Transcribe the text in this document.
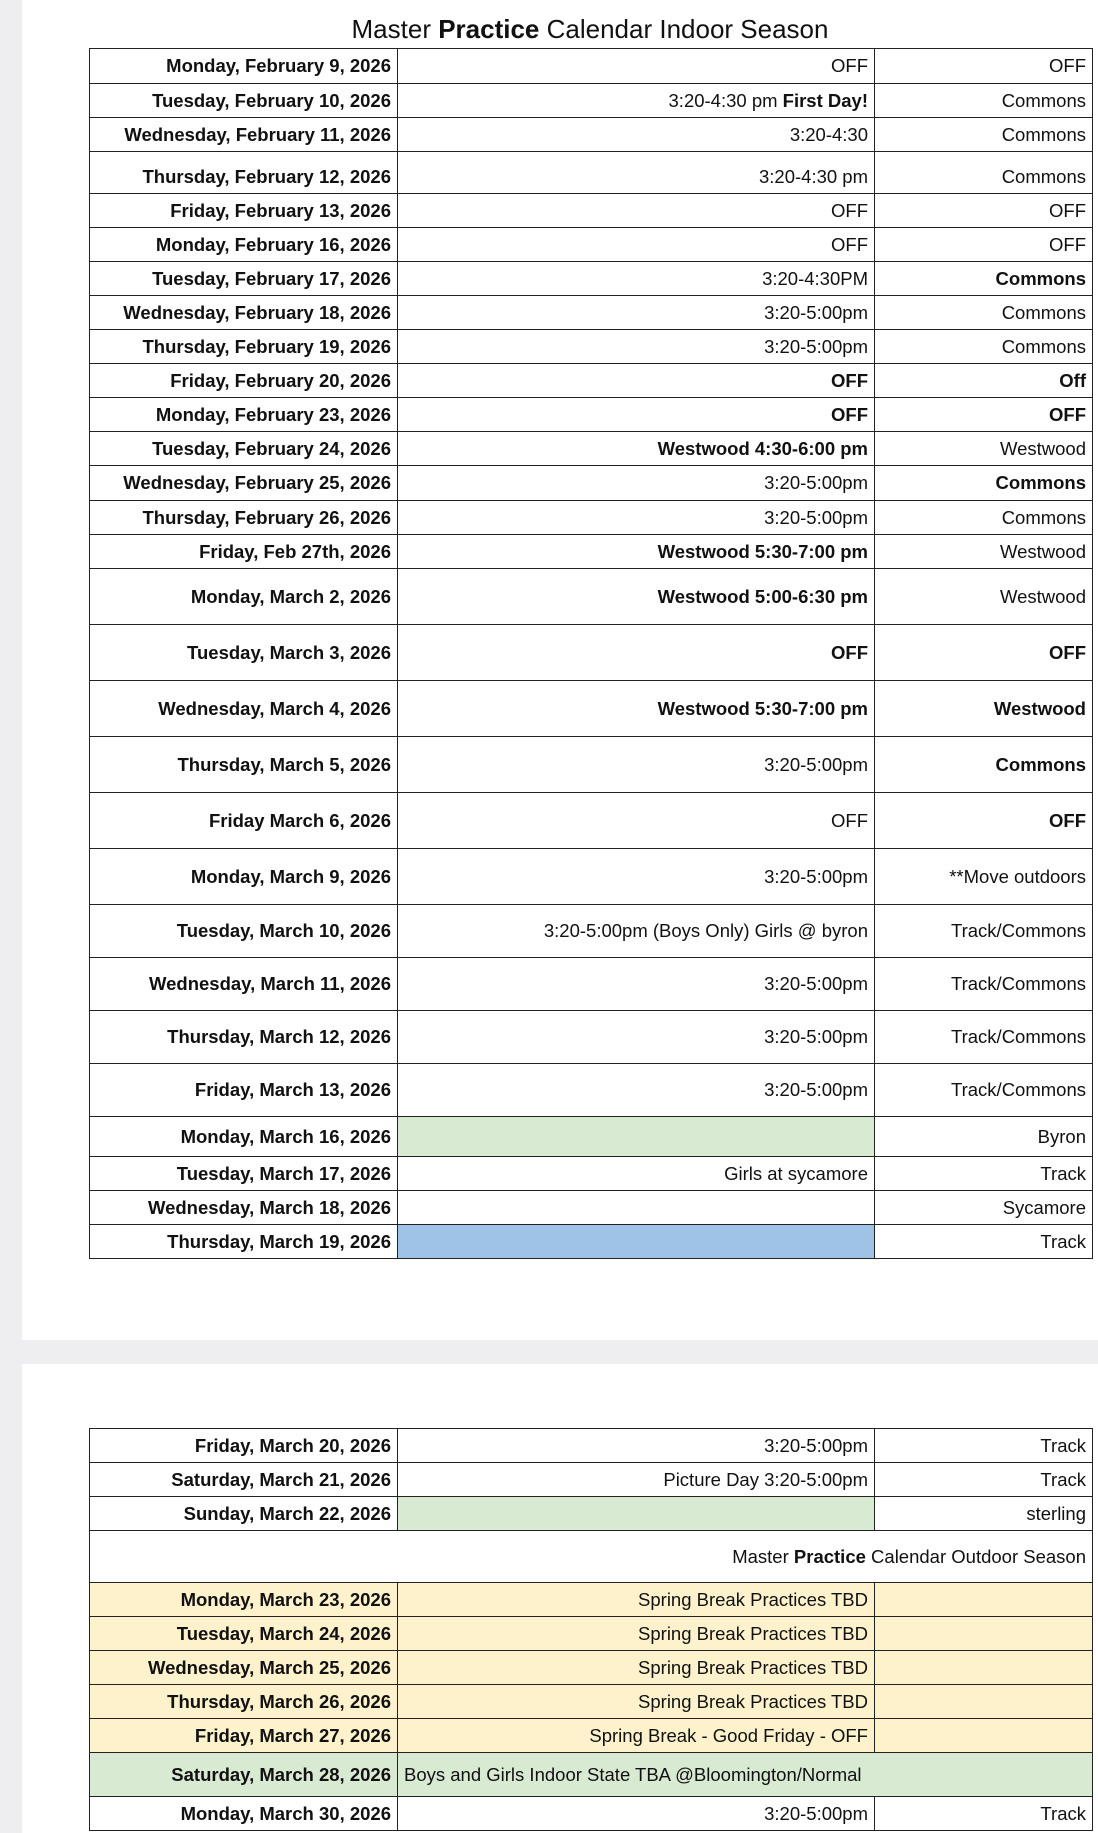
Master Practice Calendar Indoor Season
Monday, February 9, 2026	OFF	OFF
Tuesday, February 10, 2026	3:20-4:30 pm First Day!	Commons
Wednesday, February 11, 2026	3:20-4:30	Commons
Thursday, February 12, 2026	3:20-4:30 pm	Commons
Friday, February 13, 2026	OFF	OFF
Monday, February 16, 2026	OFF	OFF
Tuesday, February 17, 2026	3:20-4:30PM	Commons
Wednesday, February 18, 2026	3:20-5:00pm	Commons
Thursday, February 19, 2026	3:20-5:00pm	Commons
Friday, February 20, 2026	OFF	Off
Monday, February 23, 2026	OFF	OFF
Tuesday, February 24, 2026	Westwood 4:30-6:00 pm	Westwood
Wednesday, February 25, 2026	3:20-5:00pm	Commons
Thursday, February 26, 2026	3:20-5:00pm	Commons
Friday, Feb 27th, 2026	Westwood 5:30-7:00 pm	Westwood
Monday, March 2, 2026	Westwood 5:00-6:30 pm	Westwood
Tuesday, March 3, 2026	OFF	OFF
Wednesday, March 4, 2026	Westwood 5:30-7:00 pm	Westwood
Thursday, March 5, 2026	3:20-5:00pm	Commons
Friday March 6, 2026	OFF	OFF
Monday, March 9, 2026	3:20-5:00pm	**Move outdoors
Tuesday, March 10, 2026	3:20-5:00pm (Boys Only) Girls @ byron	Track/Commons
Wednesday, March 11, 2026	3:20-5:00pm	Track/Commons
Thursday, March 12, 2026	3:20-5:00pm	Track/Commons
Friday, March 13, 2026	3:20-5:00pm	Track/Commons
Monday, March 16, 2026		Byron
Tuesday, March 17, 2026	Girls at sycamore	Track
Wednesday, March 18, 2026		Sycamore
Thursday, March 19, 2026		Track
Friday, March 20, 2026	3:20-5:00pm	Track
Saturday, March 21, 2026	Picture Day 3:20-5:00pm	Track
Sunday, March 22, 2026		sterling
Master Practice Calendar Outdoor Season		
Monday, March 23, 2026	Spring Break Practices TBD	
Tuesday, March 24, 2026	Spring Break Practices TBD	
Wednesday, March 25, 2026	Spring Break Practices TBD	
Thursday, March 26, 2026	Spring Break Practices TBD	
Friday, March 27, 2026	Spring Break - Good Friday - OFF	
Saturday, March 28, 2026	Boys and Girls Indoor State TBA @Bloomington/Normal	
Monday, March 30, 2026	3:20-5:00pm	Track
